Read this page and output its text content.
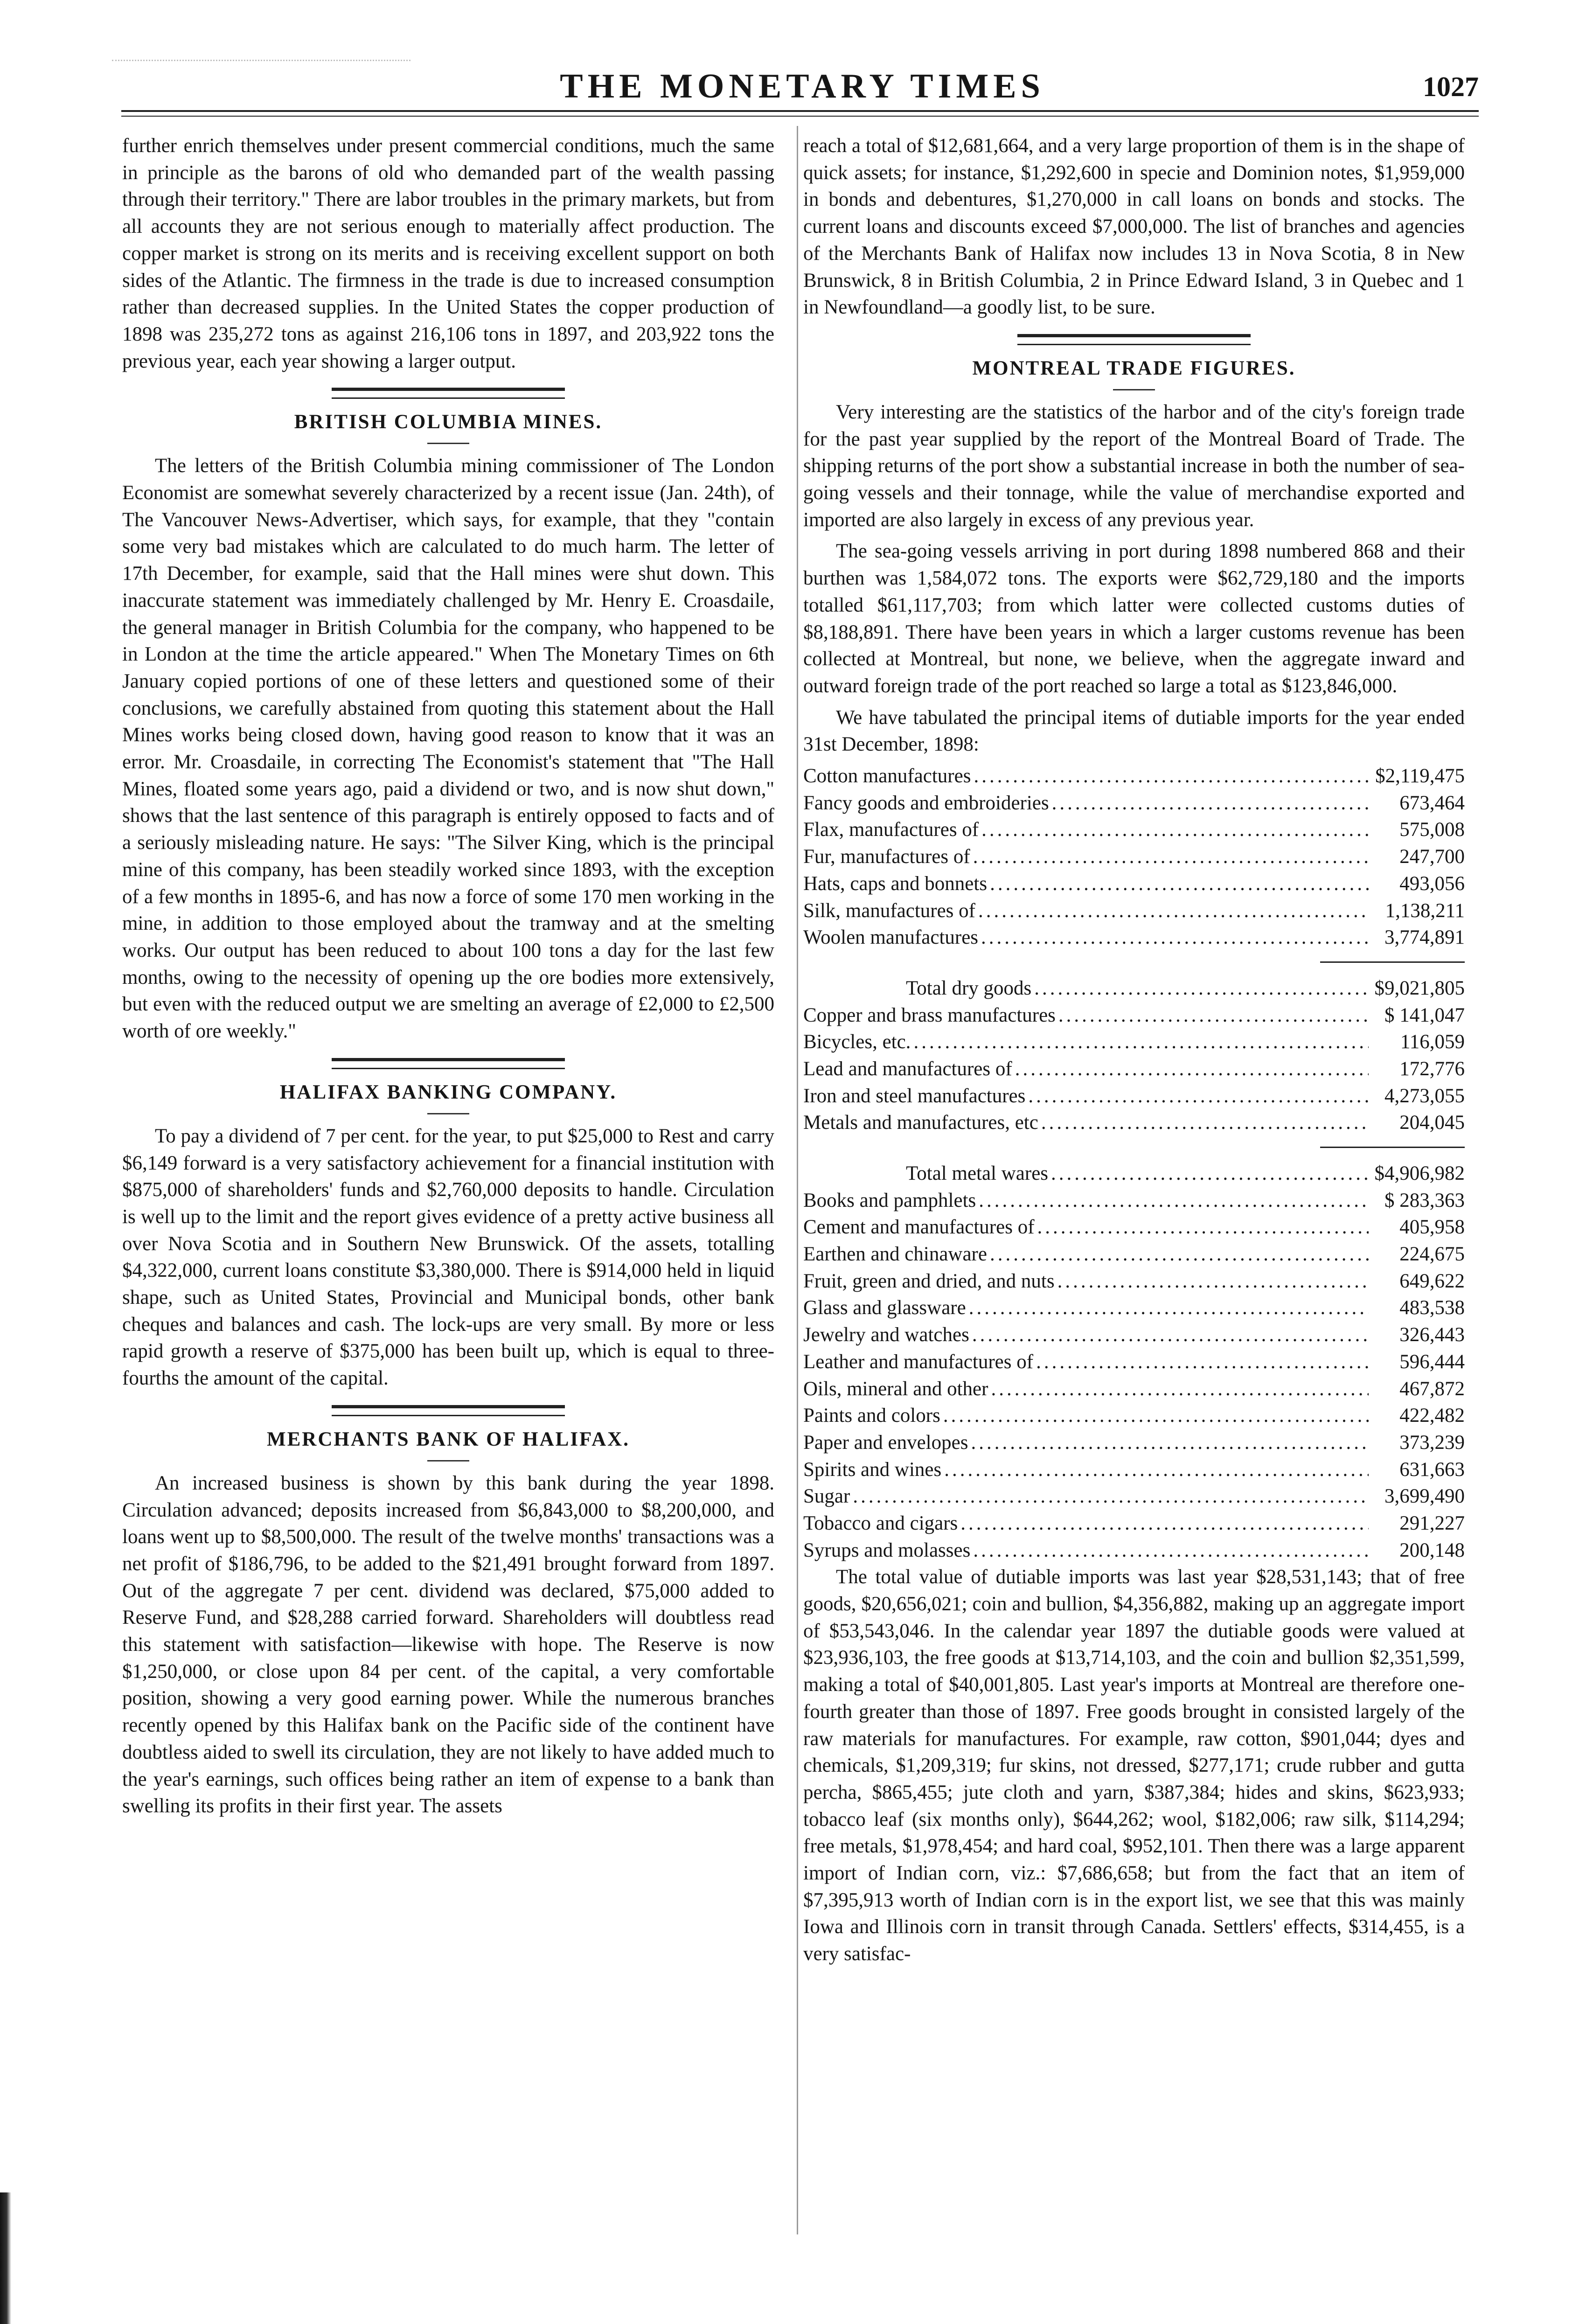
THE MONETARY TIMES	1027

further enrich themselves under present commercial conditions, much the same in principle as the barons of old who demanded part of the wealth passing through their territory." There are labor troubles in the primary markets, but from all accounts they are not serious enough to materially affect production. The copper market is strong on its merits and is receiving excellent support on both sides of the Atlantic. The firmness in the trade is due to increased consumption rather than decreased supplies. In the United States the copper production of 1898 was 235,272 tons as against 216,106 tons in 1897, and 203,922 tons the previous year, each year showing a larger output.

BRITISH COLUMBIA MINES.

The letters of the British Columbia mining commissioner of The London Economist are somewhat severely characterized by a recent issue (Jan. 24th), of The Vancouver News-Advertiser, which says, for example, that they "contain some very bad mistakes which are calculated to do much harm. The letter of 17th December, for example, said that the Hall mines were shut down. This inaccurate statement was immediately challenged by Mr. Henry E. Croasdaile, the general manager in British Columbia for the company, who happened to be in London at the time the article appeared." When The Monetary Times on 6th January copied portions of one of these letters and questioned some of their conclusions, we carefully abstained from quoting this statement about the Hall Mines works being closed down, having good reason to know that it was an error. Mr. Croasdaile, in correcting The Economist's statement that "The Hall Mines, floated some years ago, paid a dividend or two, and is now shut down," shows that the last sentence of this paragraph is entirely opposed to facts and of a seriously misleading nature. He says: "The Silver King, which is the principal mine of this company, has been steadily worked since 1893, with the exception of a few months in 1895-6, and has now a force of some 170 men working in the mine, in addition to those employed about the tramway and at the smelting works. Our output has been reduced to about 100 tons a day for the last few months, owing to the necessity of opening up the ore bodies more extensively, but even with the reduced output we are smelting an average of £2,000 to £2,500 worth of ore weekly."

HALIFAX BANKING COMPANY.

To pay a dividend of 7 per cent. for the year, to put $25,000 to Rest and carry $6,149 forward is a very satisfactory achievement for a financial institution with $875,000 of shareholders' funds and $2,760,000 deposits to handle. Circulation is well up to the limit and the report gives evidence of a pretty active business all over Nova Scotia and in Southern New Brunswick. Of the assets, totalling $4,322,000, current loans constitute $3,380,000. There is $914,000 held in liquid shape, such as United States, Provincial and Municipal bonds, other bank cheques and balances and cash. The lock-ups are very small. By more or less rapid growth a reserve of $375,000 has been built up, which is equal to three-fourths the amount of the capital.

MERCHANTS BANK OF HALIFAX.

An increased business is shown by this bank during the year 1898. Circulation advanced; deposits increased from $6,843,000 to $8,200,000, and loans went up to $8,500,000. The result of the twelve months' transactions was a net profit of $186,796, to be added to the $21,491 brought forward from 1897. Out of the aggregate 7 per cent. dividend was declared, $75,000 added to Reserve Fund, and $28,288 carried forward. Shareholders will doubtless read this statement with satisfaction—likewise with hope. The Reserve is now $1,250,000, or close upon 84 per cent. of the capital, a very comfortable position, showing a very good earning power. While the numerous branches recently opened by this Halifax bank on the Pacific side of the continent have doubtless aided to swell its circulation, they are not likely to have added much to the year's earnings, such offices being rather an item of expense to a bank than swelling its profits in their first year. The assets

reach a total of $12,681,664, and a very large proportion of them is in the shape of quick assets; for instance, $1,292,600 in specie and Dominion notes, $1,959,000 in bonds and debentures, $1,270,000 in call loans on bonds and stocks. The current loans and discounts exceed $7,000,000. The list of branches and agencies of the Merchants Bank of Halifax now includes 13 in Nova Scotia, 8 in New Brunswick, 8 in British Columbia, 2 in Prince Edward Island, 3 in Quebec and 1 in Newfoundland—a goodly list, to be sure.

MONTREAL TRADE FIGURES.

Very interesting are the statistics of the harbor and of the city's foreign trade for the past year supplied by the report of the Montreal Board of Trade. The shipping returns of the port show a substantial increase in both the number of sea-going vessels and their tonnage, while the value of merchandise exported and imported are also largely in excess of any previous year.

The sea-going vessels arriving in port during 1898 numbered 868 and their burthen was 1,584,072 tons. The exports were $62,729,180 and the imports totalled $61,117,703; from which latter were collected customs duties of $8,188,891. There have been years in which a larger customs revenue has been collected at Montreal, but none, we believe, when the aggregate inward and outward foreign trade of the port reached so large a total as $123,846,000.

We have tabulated the principal items of dutiable imports for the year ended 31st December, 1898:

Cotton manufactures .....	$2,119,475
Fancy goods and embroideries .....	673,464
Flax, manufactures of .....	575,008
Fur, manufactures of .....	247,700
Hats, caps and bonnets .....	493,056
Silk, manufactures of .....	1,138,211
Woolen manufactures .....	3,774,891
Total dry goods .....	$9,021,805
Copper and brass manufactures .....	$ 141,047
Bicycles, etc. .....	116,059
Lead and manufactures of .....	172,776
Iron and steel manufactures .....	4,273,055
Metals and manufactures, etc .....	204,045
Total metal wares .....	$4,906,982
Books and pamphlets .....	$ 283,363
Cement and manufactures of .....	405,958
Earthen and chinaware .....	224,675
Fruit, green and dried, and nuts .....	649,622
Glass and glassware .....	483,538
Jewelry and watches .....	326,443
Leather and manufactures of .....	596,444
Oils, mineral and other .....	467,872
Paints and colors .....	422,482
Paper and envelopes .....	373,239
Spirits and wines .....	631,663
Sugar .....	3,699,490
Tobacco and cigars .....	291,227
Syrups and molasses .....	200,148

The total value of dutiable imports was last year $28,531,143; that of free goods, $20,656,021; coin and bullion, $4,356,882, making up an aggregate import of $53,543,046. In the calendar year 1897 the dutiable goods were valued at $23,936,103, the free goods at $13,714,103, and the coin and bullion $2,351,599, making a total of $40,001,805. Last year's imports at Montreal are therefore one-fourth greater than those of 1897. Free goods brought in consisted largely of the raw materials for manufactures. For example, raw cotton, $901,044; dyes and chemicals, $1,209,319; fur skins, not dressed, $277,171; crude rubber and gutta percha, $865,455; jute cloth and yarn, $387,384; hides and skins, $623,933; tobacco leaf (six months only), $644,262; wool, $182,006; raw silk, $114,294; free metals, $1,978,454; and hard coal, $952,101. Then there was a large apparent import of Indian corn, viz.: $7,686,658; but from the fact that an item of $7,395,913 worth of Indian corn is in the export list, we see that this was mainly Iowa and Illinois corn in transit through Canada. Settlers' effects, $314,455, is a very satisfac-
